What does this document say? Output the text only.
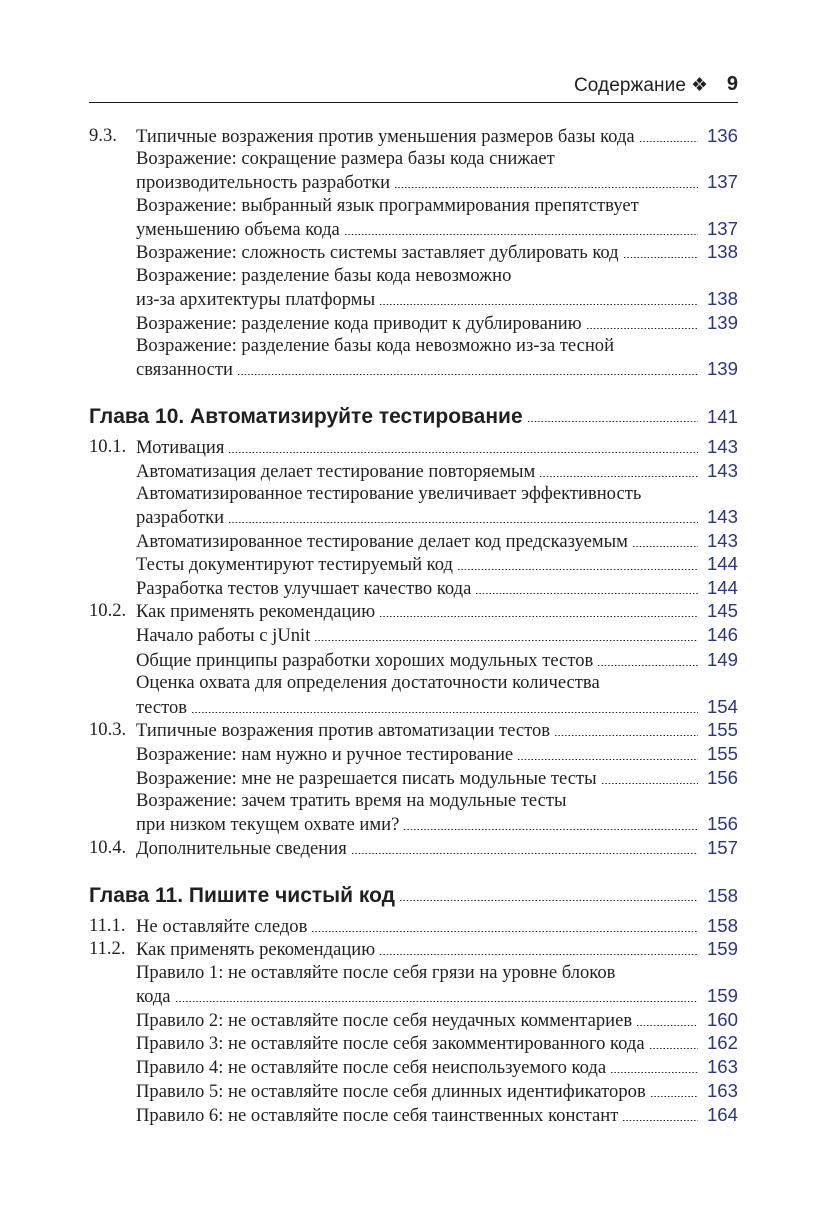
Содержание ❖ 9
9.3. Типичные возражения против уменьшения размеров базы кода	136
Возражение: сокращение размера базы кода снижает
производительность разработки	137
Возражение: выбранный язык программирования препятствует
уменьшению объема кода	137
Возражение: сложность системы заставляет дублировать код	138
Возражение: разделение базы кода невозможно
из-за архитектуры платформы	138
Возражение: разделение кода приводит к дублированию	139
Возражение: разделение базы кода невозможно из-за тесной
связанности	139
Глава 10. Автоматизируйте тестирование	141
10.1. Мотивация	143
Автоматизация делает тестирование повторяемым	143
Автоматизированное тестирование увеличивает эффективность
разработки	143
Автоматизированное тестирование делает код предсказуемым	143
Тесты документируют тестируемый код	144
Разработка тестов улучшает качество кода	144
10.2. Как применять рекомендацию	145
Начало работы с jUnit	146
Общие принципы разработки хороших модульных тестов	149
Оценка охвата для определения достаточности количества
тестов	154
10.3. Типичные возражения против автоматизации тестов	155
Возражение: нам нужно и ручное тестирование	155
Возражение: мне не разрешается писать модульные тесты	156
Возражение: зачем тратить время на модульные тесты
при низком текущем охвате ими?	156
10.4. Дополнительные сведения	157
Глава 11. Пишите чистый код	158
11.1. Не оставляйте следов	158
11.2. Как применять рекомендацию	159
Правило 1: не оставляйте после себя грязи на уровне блоков
кода	159
Правило 2: не оставляйте после себя неудачных комментариев	160
Правило 3: не оставляйте после себя закомментированного кода	162
Правило 4: не оставляйте после себя неиспользуемого кода	163
Правило 5: не оставляйте после себя длинных идентификаторов	163
Правило 6: не оставляйте после себя таинственных констант	164
